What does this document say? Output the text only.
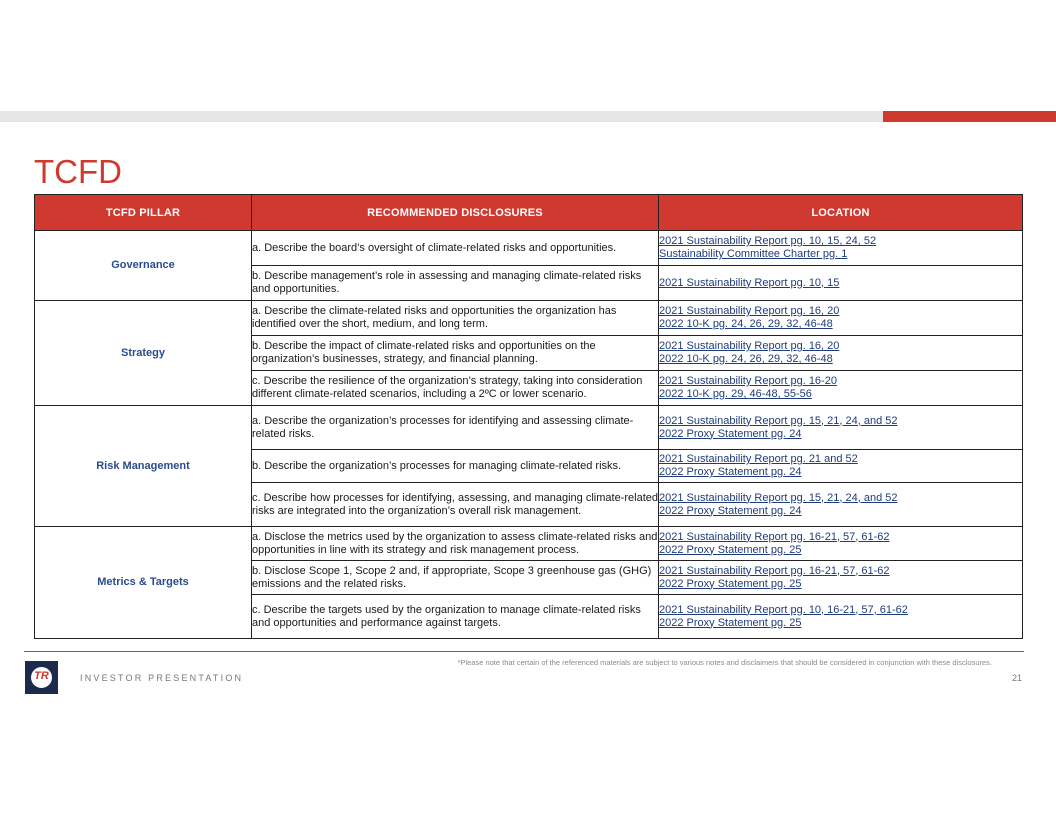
TCFD
TCFD PILLAR	RECOMMENDED DISCLOSURES	LOCATION
Governance	a. Describe the board’s oversight of climate-related risks and opportunities.	2021 Sustainability Report pg. 10, 15, 24, 52
Sustainability Committee Charter pg. 1

	b. Describe management’s role in assessing and managing climate-related risks and opportunities.	2021 Sustainability Report pg. 10, 15

Strategy	a. Describe the climate-related risks and opportunities the organization has identified over the short, medium, and long term.	2021 Sustainability Report pg. 16, 20
2022 10-K pg. 24, 26, 29, 32, 46-48

	b. Describe the impact of climate-related risks and opportunities on the organization’s businesses, strategy, and financial planning.	2021 Sustainability Report pg. 16, 20
2022 10-K pg. 24, 26, 29, 32, 46-48

	c. Describe the resilience of the organization’s strategy, taking into consideration different climate-related scenarios, including a 2ºC or lower scenario.	2021 Sustainability Report pg. 16-20
2022 10-K pg. 29, 46-48, 55-56

Risk Management	a. Describe the organization’s processes for identifying and assessing climate-related risks.	2021 Sustainability Report pg. 15, 21, 24, and 52
2022 Proxy Statement pg. 24

	b. Describe the organization’s processes for managing climate-related risks.	2021 Sustainability Report pg. 21 and 52
2022 Proxy Statement pg. 24

	c. Describe how processes for identifying, assessing, and managing climate-related risks are integrated into the organization’s overall risk management.	2021 Sustainability Report pg. 15, 21, 24, and 52
2022 Proxy Statement pg. 24

Metrics & Targets	a. Disclose the metrics used by the organization to assess climate-related risks and opportunities in line with its strategy and risk management process.	2021 Sustainability Report pg. 16-21, 57, 61-62
2022 Proxy Statement pg. 25

	b. Disclose Scope 1, Scope 2 and, if appropriate, Scope 3 greenhouse gas (GHG) emissions and the related risks.	2021 Sustainability Report pg. 16-21, 57, 61-62
2022 Proxy Statement pg. 25

	c. Describe the targets used by the organization to manage climate-related risks and opportunities and performance against targets.	2021 Sustainability Report pg. 10, 16-21, 57, 61-62
2022 Proxy Statement pg. 25
TR
*Please note that certain of the referenced materials are subject to various notes and disclaimers that should be considered in conjunction with these disclosures.
INVESTOR PRESENTATION	21
